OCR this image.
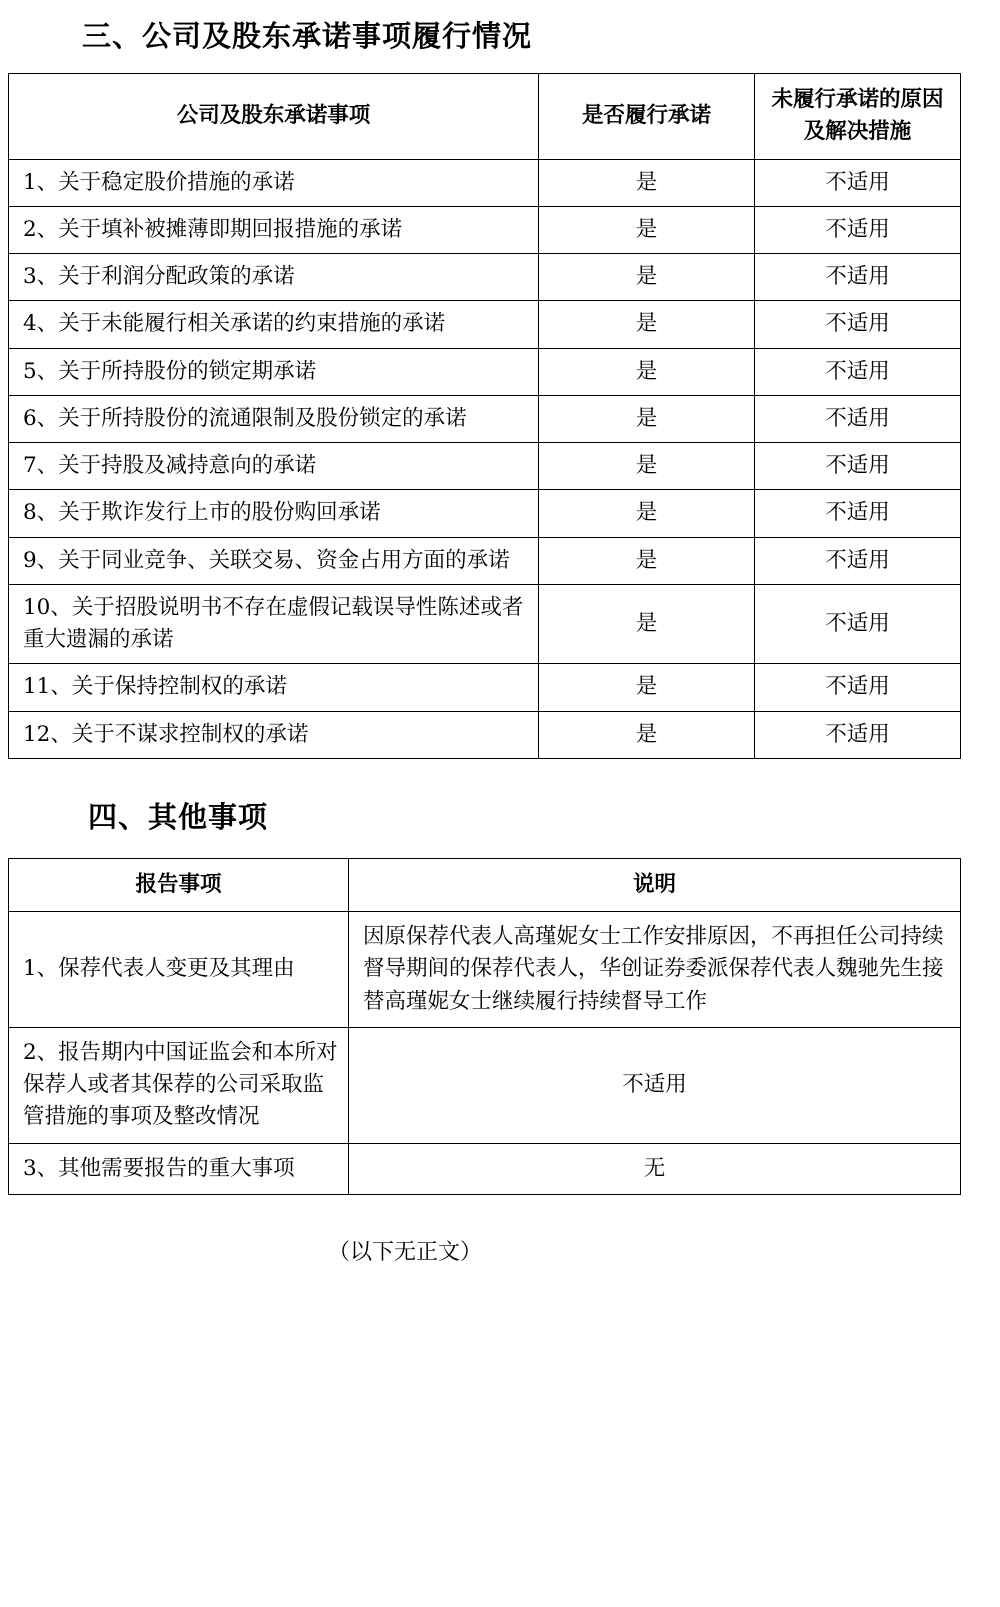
三、公司及股东承诺事项履行情况
公司及股东承诺事项	是否履行承诺	未履行承诺的原因及解决措施
1、关于稳定股价措施的承诺	是	不适用
2、关于填补被摊薄即期回报措施的承诺	是	不适用
3、关于利润分配政策的承诺	是	不适用
4、关于未能履行相关承诺的约束措施的承诺	是	不适用
5、关于所持股份的锁定期承诺	是	不适用
6、关于所持股份的流通限制及股份锁定的承诺	是	不适用
7、关于持股及减持意向的承诺	是	不适用
8、关于欺诈发行上市的股份购回承诺	是	不适用
9、关于同业竞争、关联交易、资金占用方面的承诺	是	不适用
10、关于招股说明书不存在虚假记载误导性陈述或者重大遗漏的承诺	是	不适用
11、关于保持控制权的承诺	是	不适用
12、关于不谋求控制权的承诺	是	不适用
四、其他事项
报告事项	说明
1、保荐代表人变更及其理由	因原保荐代表人高瑾妮女士工作安排原因，不再担任公司持续督导期间的保荐代表人，华创证券委派保荐代表人魏驰先生接替高瑾妮女士继续履行持续督导工作
2、报告期内中国证监会和本所对保荐人或者其保荐的公司采取监管措施的事项及整改情况	不适用
3、其他需要报告的重大事项	无
（以下无正文）
